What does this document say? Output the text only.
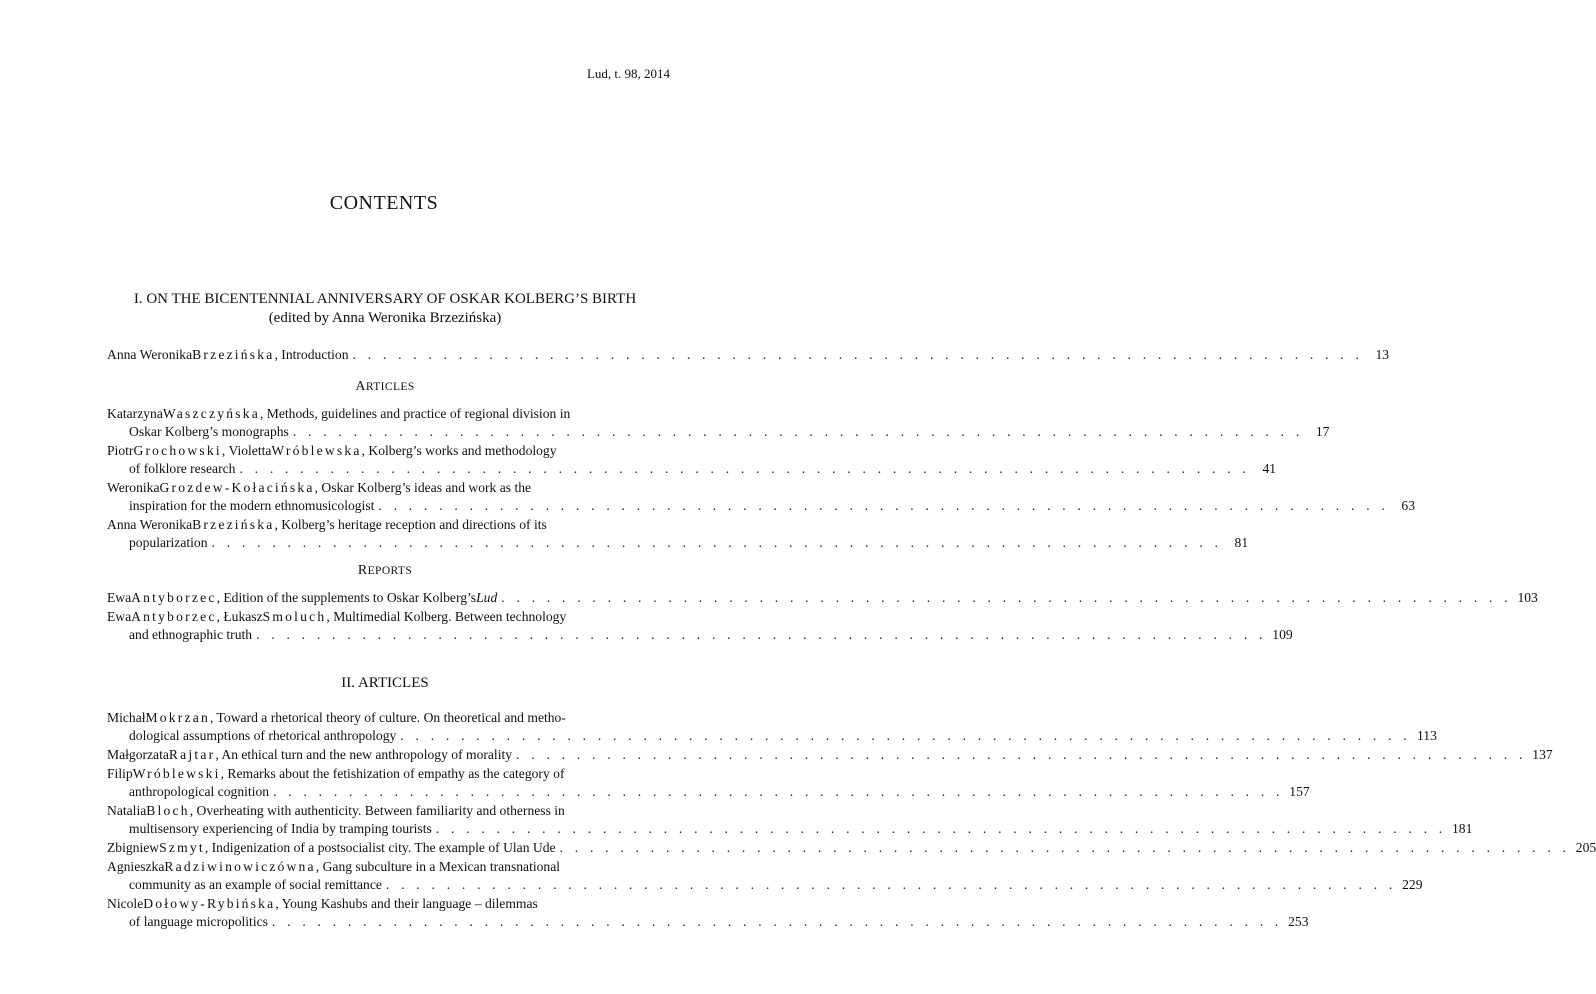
Lud, t. 98, 2014
CONTENTS
I. ON THE BICENTENNIAL ANNIVERSARY OF OSKAR KOLBERG’S BIRTH
(edited by Anna Weronika Brzezińska)
Anna Weronika Brzezińska , Introduction . . . . . . . . . . . . . . . . . . . . . . . . . . . . . . . . . . . . . . . . . . . . . . . . . . . . . . . . . . . . . . . . . . . 13
ARTICLES
Katarzyna Waszczyńska , Methods, guidelines and practice of regional division in
Oskar Kolberg’s monographs . . . . . . . . . . . . . . . . . . . . . . . . . . . . . . . . . . . . . . . . . . . . . . . . . . . . . . . . . . . . . . . . . . . 17
Piotr Grochowski , Violetta Wróblewska , Kolberg’s works and methodology
of folklore research . . . . . . . . . . . . . . . . . . . . . . . . . . . . . . . . . . . . . . . . . . . . . . . . . . . . . . . . . . . . . . . . . . . 41
Weronika Grozdew-Kołacińska , Oskar Kolberg’s ideas and work as the
inspiration for the modern ethnomusicologist . . . . . . . . . . . . . . . . . . . . . . . . . . . . . . . . . . . . . . . . . . . . . . . . . . . . . . . . . . . . . . . . . . . 63
Anna Weronika Brzezińska , Kolberg’s heritage reception and directions of its
popularization . . . . . . . . . . . . . . . . . . . . . . . . . . . . . . . . . . . . . . . . . . . . . . . . . . . . . . . . . . . . . . . . . . . 81
REPORTS
Ewa Antyborzec , Edition of the supplements to Oskar Kolberg’s Lud . . . . . . . . . . . . . . . . . . . . . . . . . . . . . . . . . . . . . . . . . . . . . . . . . . . . . . . . . . . . . . . . . . . 103
Ewa Antyborzec , Łukasz Smoluch , Multimedial Kolberg. Between technology
and ethnographic truth . . . . . . . . . . . . . . . . . . . . . . . . . . . . . . . . . . . . . . . . . . . . . . . . . . . . . . . . . . . . . . . . . . . 109
II. ARTICLES
Michał Mokrzan , Toward a rhetorical theory of culture. On theoretical and metho-
dological assumptions of rhetorical anthropology . . . . . . . . . . . . . . . . . . . . . . . . . . . . . . . . . . . . . . . . . . . . . . . . . . . . . . . . . . . . . . . . . . . 113
Małgorzata Rajtar , An ethical turn and the new anthropology of morality . . . . . . . . . . . . . . . . . . . . . . . . . . . . . . . . . . . . . . . . . . . . . . . . . . . . . . . . . . . . . . . . . . . 137
Filip Wróblewski , Remarks about the fetishization of empathy as the category of
anthropological cognition . . . . . . . . . . . . . . . . . . . . . . . . . . . . . . . . . . . . . . . . . . . . . . . . . . . . . . . . . . . . . . . . . . . 157
Natalia Bloch , Overheating with authenticity. Between familiarity and otherness in
multisensory experiencing of India by tramping tourists . . . . . . . . . . . . . . . . . . . . . . . . . . . . . . . . . . . . . . . . . . . . . . . . . . . . . . . . . . . . . . . . . . . 181
Zbigniew Szmyt , Indigenization of a postsocialist city. The example of Ulan Ude . . . . . . . . . . . . . . . . . . . . . . . . . . . . . . . . . . . . . . . . . . . . . . . . . . . . . . . . . . . . . . . . . . . 205
Agnieszka Radziwinowiczówna , Gang subculture in a Mexican transnational
community as an example of social remittance . . . . . . . . . . . . . . . . . . . . . . . . . . . . . . . . . . . . . . . . . . . . . . . . . . . . . . . . . . . . . . . . . . . 229
Nicole Dołowy-Rybińska , Young Kashubs and their language – dilemmas
of language micropolitics . . . . . . . . . . . . . . . . . . . . . . . . . . . . . . . . . . . . . . . . . . . . . . . . . . . . . . . . . . . . . . . . . . . 253
